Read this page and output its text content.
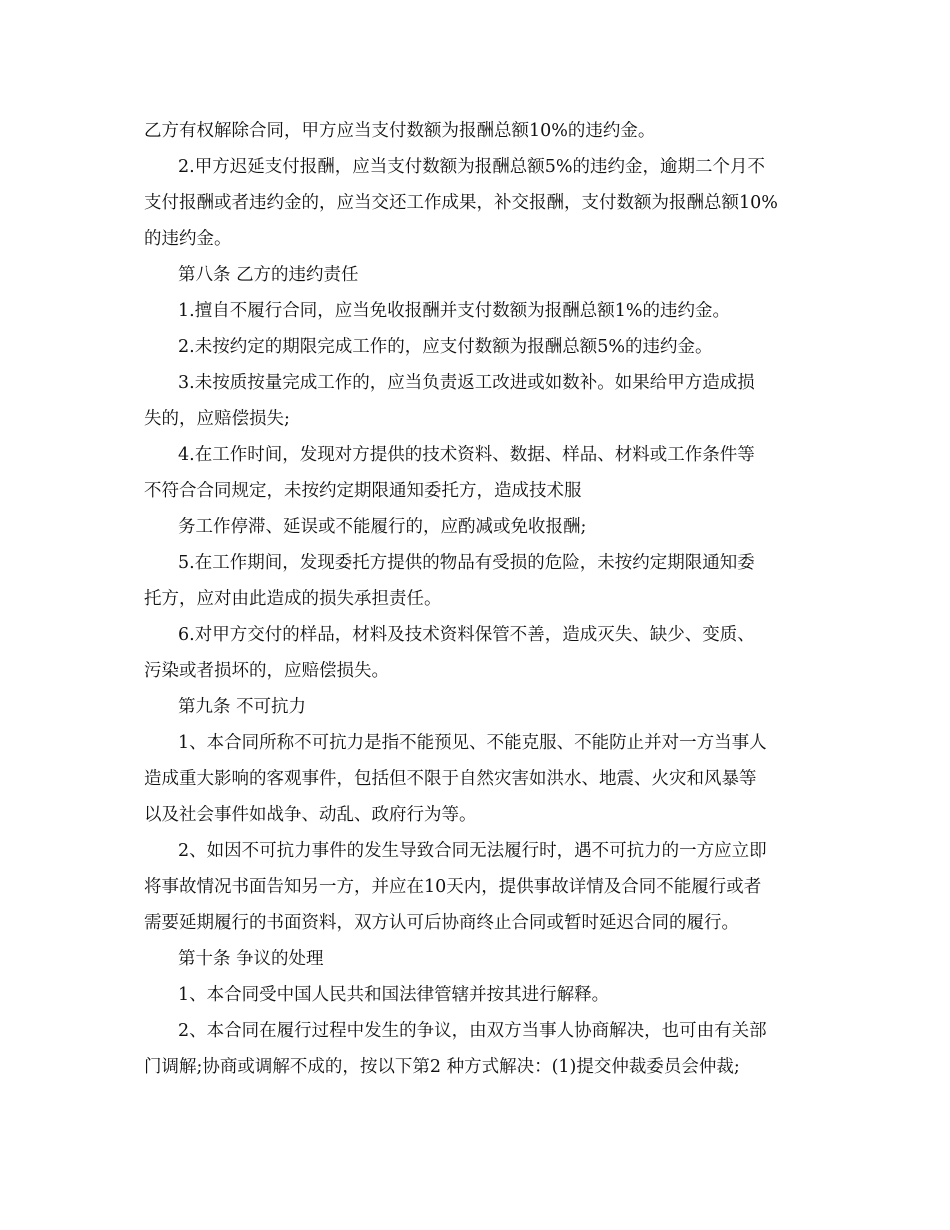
乙方有权解除合同，甲方应当支付数额为报酬总额10%的违约金。
2.甲方迟延支付报酬，应当支付数额为报酬总额5%的违约金，逾期二个月不
支付报酬或者违约金的，应当交还工作成果，补交报酬，支付数额为报酬总额10%
的违约金。
第八条 乙方的违约责任
1.擅自不履行合同，应当免收报酬并支付数额为报酬总额1%的违约金。
2.未按约定的期限完成工作的，应支付数额为报酬总额5%的违约金。
3.未按质按量完成工作的，应当负责返工改进或如数补。如果给甲方造成损
失的，应赔偿损失;
4.在工作时间，发现对方提供的技术资料、数据、样品、材料或工作条件等
不符合合同规定，未按约定期限通知委托方，造成技术服
务工作停滞、延误或不能履行的，应酌减或免收报酬;
5.在工作期间，发现委托方提供的物品有受损的危险，未按约定期限通知委
托方，应对由此造成的损失承担责任。
6.对甲方交付的样品，材料及技术资料保管不善，造成灭失、缺少、变质、
污染或者损坏的，应赔偿损失。
第九条 不可抗力
1、本合同所称不可抗力是指不能预见、不能克服、不能防止并对一方当事人
造成重大影响的客观事件，包括但不限于自然灾害如洪水、地震、火灾和风暴等
以及社会事件如战争、动乱、政府行为等。
2、如因不可抗力事件的发生导致合同无法履行时，遇不可抗力的一方应立即
将事故情况书面告知另一方，并应在10天内，提供事故详情及合同不能履行或者
需要延期履行的书面资料，双方认可后协商终止合同或暂时延迟合同的履行。
第十条 争议的处理
1、本合同受中国人民共和国法律管辖并按其进行解释。
2、本合同在履行过程中发生的争议，由双方当事人协商解决，也可由有关部
门调解;协商或调解不成的，按以下第2 种方式解决：(1)提交仲裁委员会仲裁;
